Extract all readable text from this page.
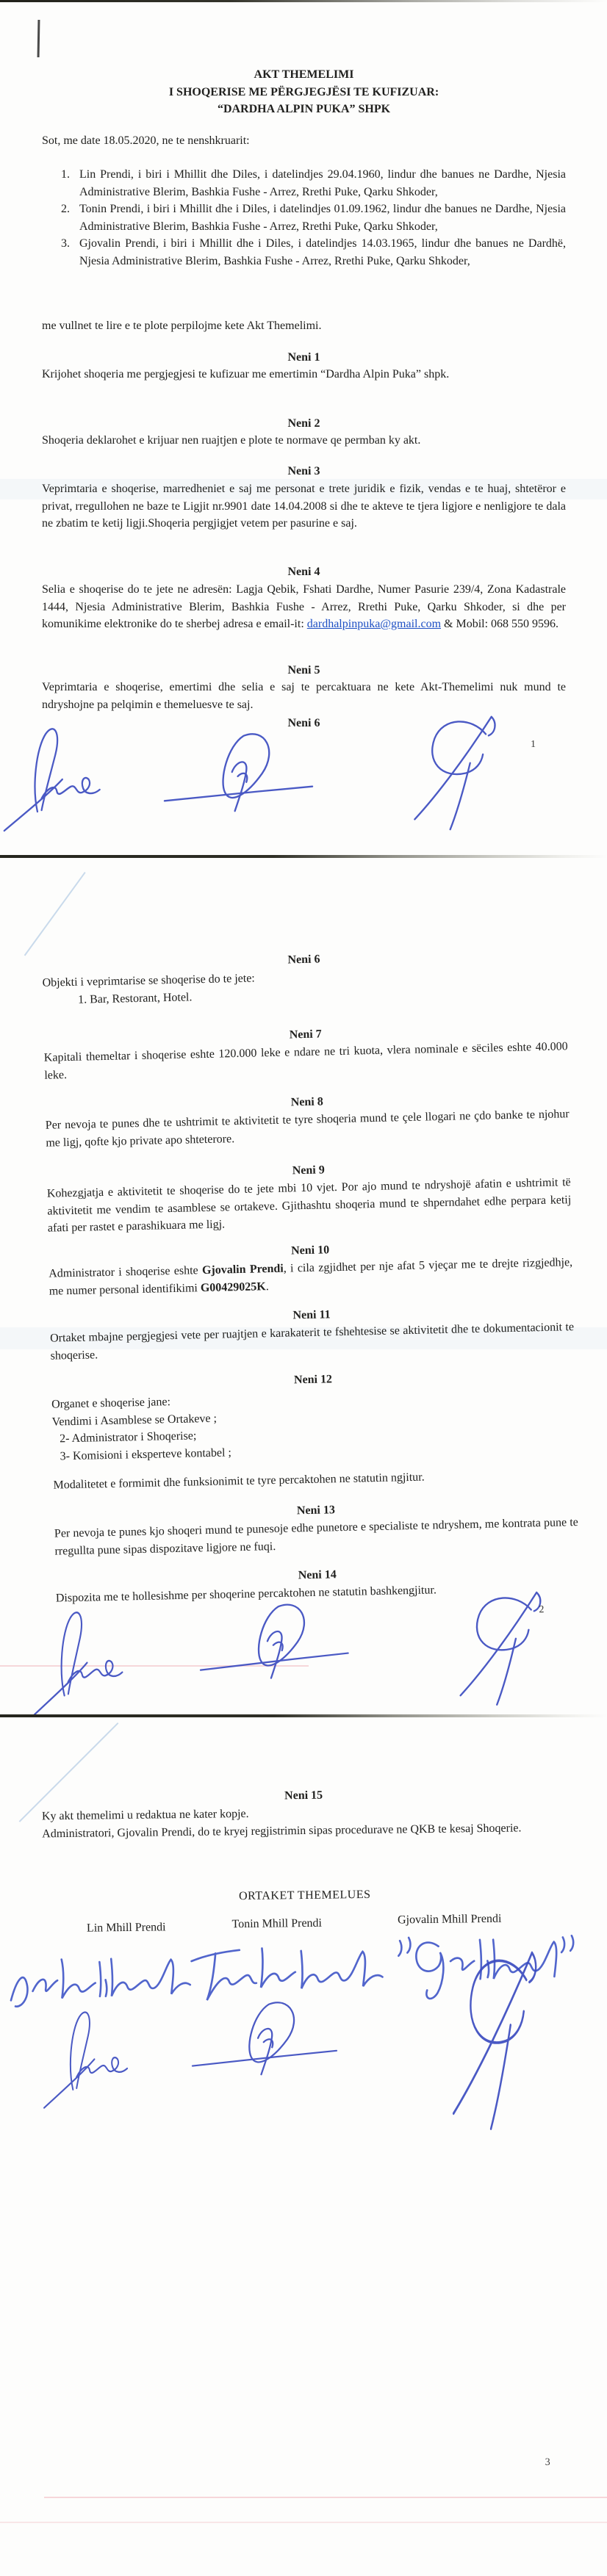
AKT THEMELIMI
I SHOQERISE ME PËRGJEGJËSI TE KUFIZUAR:
“DARDHA ALPIN PUKA” SHPK
Sot, me date 18.05.2020, ne te nenshkruarit:
1. Lin Prendi, i biri i Mhillit dhe Diles, i datelindjes 29.04.1960, lindur dhe banues ne Dardhe, Njesia Administrative Blerim, Bashkia Fushe - Arrez, Rrethi Puke, Qarku Shkoder,
2. Tonin Prendi, i biri i Mhillit dhe i Diles, i datelindjes 01.09.1962, lindur dhe banues ne Dardhe, Njesia Administrative Blerim, Bashkia Fushe - Arrez, Rrethi Puke, Qarku Shkoder,
3. Gjovalin Prendi, i biri i Mhillit dhe i Diles, i datelindjes 14.03.1965, lindur dhe banues ne Dardhë, Njesia Administrative Blerim, Bashkia Fushe - Arrez, Rrethi Puke, Qarku Shkoder,
me vullnet te lire e te plote perpilojme kete Akt Themelimi.
Neni 1
Krijohet shoqeria me pergjegjesi te kufizuar me emertimin “Dardha Alpin Puka” shpk.
Neni 2
Shoqeria deklarohet e krijuar nen ruajtjen e plote te normave qe permban ky akt.
Neni 3
Veprimtaria e shoqerise, marredheniet e saj me personat e trete juridik e fizik, vendas e te huaj, shtetëror e privat, rregullohen ne baze te Ligjit nr.9901 date 14.04.2008 si dhe te akteve te tjera ligjore e nenligjore te dala ne zbatim te ketij ligji.Shoqeria pergjigjet vetem per pasurine e saj.
Neni 4
Selia e shoqerise do te jete ne adresën: Lagja Qebik, Fshati Dardhe, Numer Pasurie 239/4, Zona Kadastrale 1444, Njesia Administrative Blerim, Bashkia Fushe - Arrez, Rrethi Puke, Qarku Shkoder, si dhe per komunikime elektronike do te sherbej adresa e email-it: dardhalpinpuka@gmail.com & Mobil: 068 550 9596.
Neni 5
Veprimtaria e shoqerise, emertimi dhe selia e saj te percaktuara ne kete Akt-Themelimi nuk mund te ndryshojne pa pelqimin e themeluesve te saj.
Neni 6
1
Neni 6
Objekti i veprimtarise se shoqerise do te jete:
1. Bar, Restorant, Hotel.
Neni 7
Kapitali themeltar i shoqerise eshte 120.000 leke e ndare ne tri kuota, vlera nominale e sëciles eshte 40.000 leke.
Neni 8
Per nevoja te punes dhe te ushtrimit te aktivitetit te tyre shoqeria mund te çele llogari ne çdo banke te njohur me ligj, qofte kjo private apo shteterore.
Neni 9
Kohezgjatja e aktivitetit te shoqerise do te jete mbi 10 vjet. Por ajo mund te ndryshojë afatin e ushtrimit të aktivitetit me vendim te asamblese se ortakeve. Gjithashtu shoqeria mund te shperndahet edhe perpara ketij afati per rastet e parashikuara me ligj.
Neni 10
Administrator i shoqerise eshte Gjovalin Prendi, i cila zgjidhet per nje afat 5 vjeçar me te drejte rizgjedhje, me numer personal identifikimi G00429025K.
Neni 11
Ortaket mbajne pergjegjesi vete per ruajtjen e karakaterit te fshehtesise se aktivitetit dhe te dokumentacionit te shoqerise.
Neni 12
Organet e shoqerise jane:
Vendimi i Asamblese se Ortakeve ;
2- Administrator i Shoqerise;
3- Komisioni i eksperteve kontabel ;
Modalitetet e formimit dhe funksionimit te tyre percaktohen ne statutin ngjitur.
Neni 13
Per nevoja te punes kjo shoqeri mund te punesoje edhe punetore e specialiste te ndryshem, me kontrata pune te rregullta pune sipas dispozitave ligjore ne fuqi.
Neni 14
Dispozita me te hollesishme per shoqerine percaktohen ne statutin bashkengjitur.
2
Neni 15
Ky akt themelimi u redaktua ne kater kopje.
Administratori, Gjovalin Prendi, do te kryej regjistrimin sipas procedurave ne QKB te kesaj Shoqerie.
ORTAKET THEMELUES
Lin Mhill Prendi	Tonin Mhill Prendi	Gjovalin Mhill Prendi
3
